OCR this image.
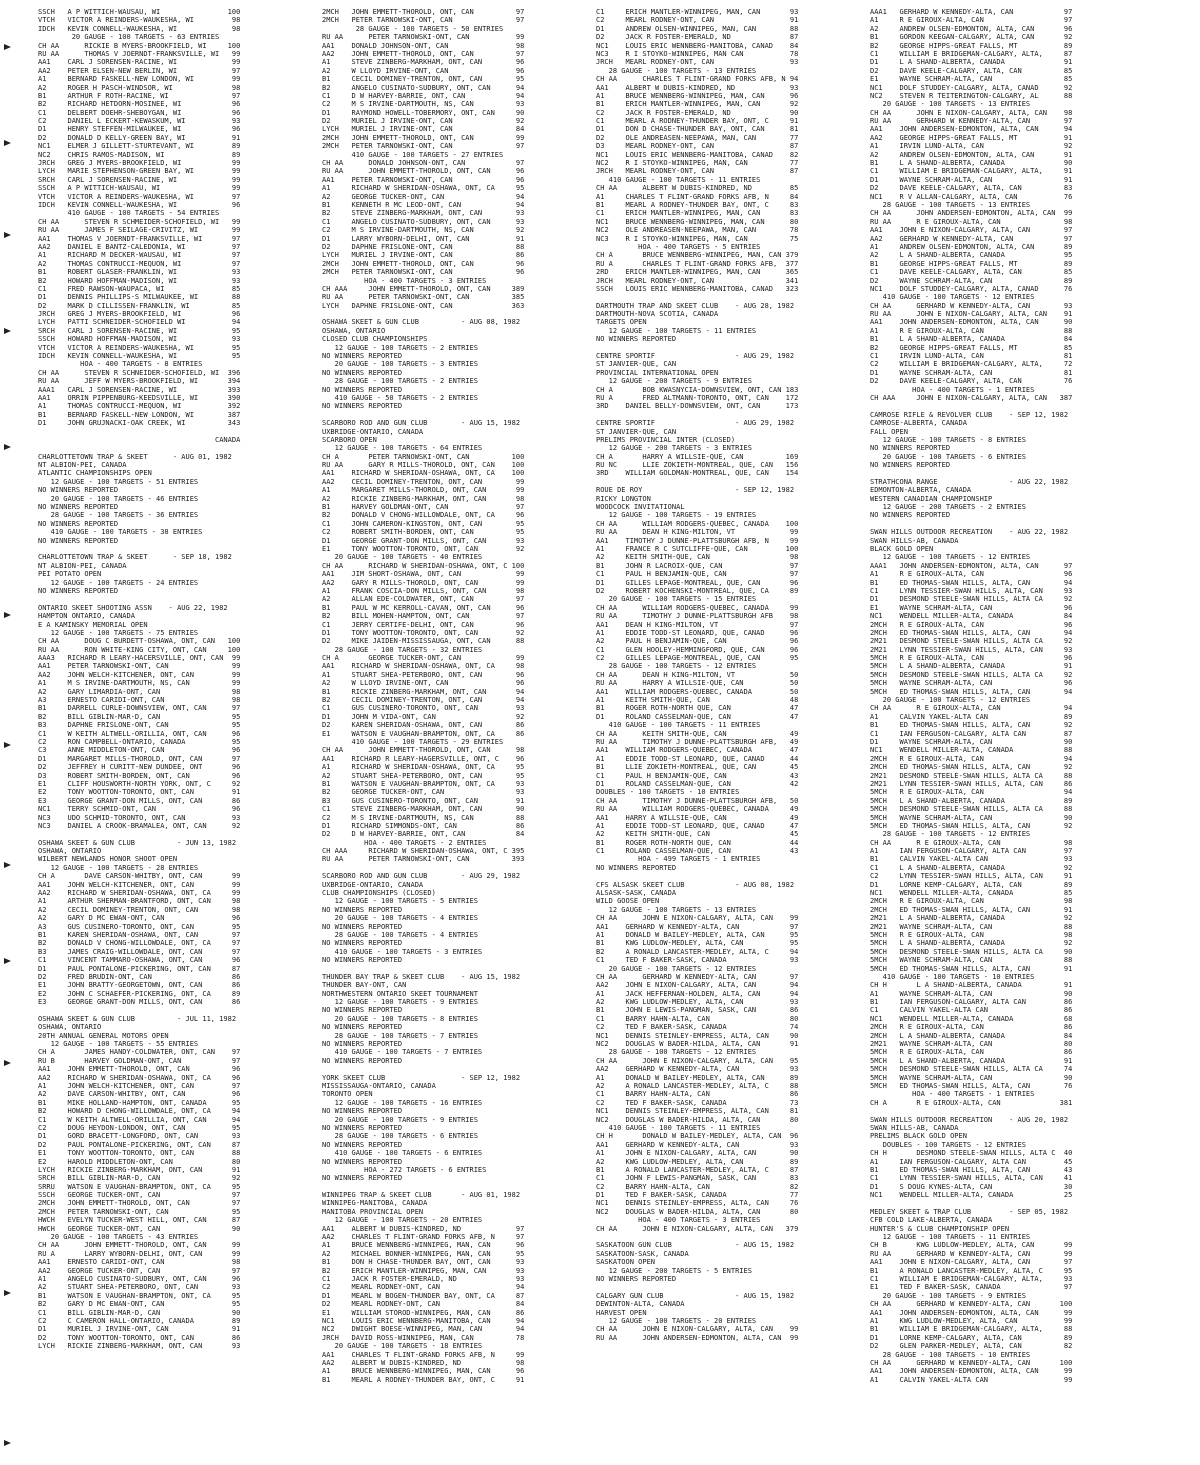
SSCH   A P WITTICH-WAUSAU, WI                100
VTCH   VICTOR A REINDERS-WAUKESHA, WI         98
IDCH   KEVIN CONNELL-WAUKESHA, WI             98
20 GAUGE - 100 TARGETS - 63 ENTRIES
CH AA      RICKIE B MYERS-BROOKFIELD, WI     100
RU AA      THOMAS V JOERNDT-FRANKSVILLE, WI   99
AA1    CARL J SORENSEN-RACINE, WI             99
AA2    PETER ELSEN-NEW BERLIN, WI             97
A1     BERNARD FASKELL-NEW LONDON, WI         99
A2     ROGER H PASCH-WINDSOR, WI              98
B1     ARTHUR F ROTH-RACINE, WI               97
B2     RICHARD HETDORN-MOSINEE, WI            96
C1     DELBERT DOEHR-SHEBOYGAN, WI            96
C2     DANIEL L ECKERT-KEWASKUM, WI           93
D1     HENRY STEFFEN-MILWAUKEE, WI            96
D2     DONALD D KELLY-GREEN BAY, WI           91
NC1    ELMER J GILLETT-STURTEVANT, WI         89
NC2    CHRIS RAMOS-MADISON, WI                89
JRCH   GREG J MYERS-BROOKFIELD, WI            99
LYCH   MARIE STEPHENSON-GREEN BAY, WI         99
SRCH   CARL J SORENSEN-RACINE, WI             99
SSCH   A P WITTICH-WAUSAU, WI                 99
VTCH   VICTOR A REINDERS-WAUKESHA, WI         97
IDCH   KEVIN CONNELL-WAUKESHA, WI             96
410 GAUGE - 100 TARGETS - 54 ENTRIES
CH AA      STEVEN R SCHMEIDER-SCHOFIELD, WI   99
RU AA      JAMES F SEILAGE-CRIVITZ, WI        99
AA1    THOMAS V JOERNDT-FRANKSVILLE, WI       97
AA2    DANIEL E BANTZ-CALEDONIA, WI           97
A1     RICHARD M DECKER-WAUSAU, WI            97
A2     THOMAS CONTRUCCI-MEQUON, WI            97
B1     ROBERT GLASER-FRANKLIN, WI             93
B2     HOWARD HOFFMAN-MADISON, WI             93
C1     FRED RAWSON-WAUPACA, WI                85
D1     DENNIS PHILLIPS-S MILWAUKEE, WI        88
D2     MARK D CILLISSEN-FRANKLIN, WI          85
JRCH   GREG J MYERS-BROOKFIELD, WI            96
LYCH   PATTI SCHNEIDER-SCHOFIELD WI           94
SRCH   CARL J SORENSEN-RACINE, WI             95
SSCH   HOWARD HOFFMAN-MADISON, WI             93
VTCH   VICTOR A REINDERS-WAUKESHA, WI         95
IDCH   KEVIN CONNELL-WAUKESHA, WI             95
HOA - 400 TARGETS - 8 ENTRIES
CH AA      STEVEN R SCHNEIDER-SCHOFIELD, WI  396
RU AA      JEFF W MYERS-BROOKFIELD, WI       394
AAA1   CARL J SORENSEN-RACINE, WI            393
AA1    ORRIN PIPPENBURG-KEEDSVILLE, WI       390
A1     THOMAS CONTRUCCI-MEQUON, WI           392
B1     BERNARD FASKELL-NEW LONDON, WI        387
D1     JOHN GRUJNACKI-OAK CREEK, WI          343
CANADA
CHARLOTTETOWN TRAP & SKEET      - AUG 01, 1982
NT ALBION-PEI, CANADA
ATLANTIC CHAMPIONSHIPS OPEN
12 GAUGE - 100 TARGETS - 51 ENTRIES
NO WINNERS REPORTED
20 GAUGE - 100 TARGETS - 46 ENTRIES
NO WINNERS REPORTED
28 GAUGE - 100 TARGETS - 36 ENTRIES
NO WINNERS REPORTED
410 GAUGE - 100 TARGETS - 38 ENTRIES
NO WINNERS REPORTED
CHARLOTTETOWN TRAP & SKEET      - SEP 18, 1982
NT ALBION-PEI, CANADA
PEI POTATO OPEN
12 GAUGE - 100 TARGETS - 24 ENTRIES
NO WINNERS REPORTED
ONTARIO SKEET SHOOTING ASSN    - AUG 22, 1982
HAMPTON ONTARIO, CANADA
E A KAMINSKY MEMORIAL OPEN
12 GAUGE - 100 TARGETS - 75 ENTRIES
CH AA      DOUG C BURDETT-OSHAWA, ONT, CAN   100
RU AA      RON WHITE-KING CITY, ONT, CAN     100
AAA3   RICHARD R LEARY-HACERSVILLE, ONT, CAN  99
AA1    PETER TARNOWSKI-ONT, CAN               99
AA2    JOHN WELCH-KITCHENER, ONT, CAN         99
A1     M S IRVINE-DARTMOUTH, NS, CAN          99
A2     GARY LIMARDIA-ONT, CAN                 98
A3     ERNESTO CARIDI-ONT, CAN                98
B1     DARRELL CURLE-DOWNSVIEW, ONT, CAN      97
B2     BILL GIBLIN-MAR-D, CAN                 95
B3     DAPHNE FRISLONE-ONT, CAN               95
C1     W KEITH ALTWELL-ORILLIA, ONT, CAN      96
C2     RON CAMPBELL-ONTARIO, CANADA           95
C3     ANNE MIDDLETON-ONT, CAN                96
D1     MARGARET MILLS-THOROLD, ONT, CAN       97
D2     JEFFREY H CURITT-NEW DUNDEE, ONT       96
D3     ROBERT SMITH-BORDEN, ONT, CAN          96
E1     CLIFF HOUSWORTH-NORTH YORK, ONT, C     92
E2     TONY WOOTTON-TORONTO, ONT, CAN         91
E3     GEORGE GRANT-DON MILLS, ONT, CAN       86
NC1    TERRY SCHMID-ONT, CAN                  96
NC3    UDO SCHMID-TORONTO, ONT, CAN           93
NC3    DANIEL A CROOK-BRAMALEA, ONT, CAN      92
OSHAWA SKEET & GUN CLUB          - JUN 13, 1982
OSHAWA, ONTARIO
WILBERT NEWLANDS HONOR SHOOT OPEN
12 GAUGE - 100 TARGETS - 28 ENTRIES
CH A       DAVE CARSON-WHITBY, ONT, CAN       99
AA1    JOHN WELCH-KITCHENER, ONT, CAN         99
AA2    RICHARD W SHERIDAN-OSHAWA, ONT, CA     99
A1     ARTHUR SHERMAN-BRANTFORD, ONT, CAN     98
A2     CECIL DOMINEY-TRENTON, ONT, CAN        98
A2     GARY D MC EWAN-ONT, CAN                96
A3     GUS CUSINERO-TORONTO, ONT, CAN         95
B1     KAREN SHERIDAN-OSHAWA, ONT, CAN        97
B2     DONALD V CHONG-WILLOWDALE, ONT, CA     97
B3     JAMES CRAIG-WILLOWDALE, ONT, CAN       97
C1     VINCENT TAMMARO-OSHAWA, ONT, CAN       96
D1     PAUL PONTALONE-PICKERING, ONT, CAN     87
D2     FRED BRUDIN-ONT, CAN                   86
E1     JOHN BRATTY-GEORGETOWN, ONT, CAN       86
E2     JOHN C SCHAEFER-PICKERING, ONT, CA     89
E3     GEORGE GRANT-DON MILLS, ONT, CAN       86
OSHAWA SKEET & GUN CLUB          - JUL 11, 1982
OSHAWA, ONTARIO
20TH ANNUAL GENERAL MOTORS OPEN
12 GAUGE - 100 TARGETS - 55 ENTRIES
CH A       JAMES HANDY-COLDWATER, ONT, CAN    97
RU B       HARVEY GOLDMAN-ONT, CAN            97
AA1    JOHN EMMETT-THOROLD, ONT, CAN          96
AA2    RICHARD W SHERIDAN-OSHAWA, ONT, CA     96
A1     JOHN WELCH-KITCHENER, ONT, CAN         97
A2     DAVE CARSON-WHITBY, ONT, CAN           96
B1     MIKE HOLLAND-HAMPTON, ONT, CANADA      95
B2     HOWARD D CHONG-WILLOWDALE, ONT, CA     94
C1     W KEITH ALTWELL-ORILLIA, ONT, CAN      94
C2     DOUG HEYDON-LONDON, ONT, CAN           95
D1     GORD BRACETT-LONGFORD, ONT, CAN        93
D2     PAUL PONTALONE-PICKERING, ONT, CAN     87
E1     TONY WOOTTON-TORONTO, ONT, CAN         88
E2     HAROLD MIDDLETON-ONT, CAN              80
LYCH   RICKIE ZINBERG-MARKHAM, ONT, CAN       91
SRCH   BILL GIBLIN-MAR-D, CAN                 92
SRRU   WATSON E VAUGHAN-BRAMPTON, ONT, CA     95
SSCH   GEORGE TUCKER-ONT, CAN                 97
2MCH   JOHN EMMETT-THOROLD, ONT, CAN          97
2MCH   PETER TARNOWSKI-ONT, CAN               95
HWCH   EVELYN TUCKER-WEST HILL, ONT, CAN      87
HWCH   GEORGE TUCKER-ONT, CAN                 90
20 GAUGE - 100 TARGETS - 43 ENTRIES
CH AA      JOHN EMMETT-THOROLD, ONT, CAN      99
RU A       LARRY WYBORN-DELHI, ONT, CAN       99
AA1    ERNESTO CARIDI-ONT, CAN                98
AA2    GEORGE TUCKER-ONT, CAN                 97
A1     ANGELO CUSINATO-SUDBURY, ONT, CAN      96
A2     STUART SHEA-PETERBORO, ONT, CAN        93
B1     WATSON E VAUGHAN-BRAMPTON, ONT, CA     95
B2     GARY D MC EWAN-ONT, CAN                95
C1     BILL GIBLIN-MAR-D, CAN                 90
C2     C CAMERON HALL-ONTARIO, CANADA         89
D1     MURIEL J IRVINE-ONT, CAN               91
D2     TONY WOOTTON-TORONTO, ONT, CAN         86
LYCH   RICKIE ZINBERG-MARKHAM, ONT, CAN       93
2MCH   JOHN EMMETT-THOROLD, ONT, CAN          97
2MCH   PETER TARNOWSKI-ONT, CAN               97
28 GAUGE - 100 TARGETS - 50 ENTRIES
RU AA      PETER TARNOWSKI-ONT, CAN           99
AA1    DONALD JOHNSON-ONT, CAN                98
AA2    JOHN EMMETT-THOROLD, ONT, CAN          97
A1     STEVE ZINBERG-MARKHAM, ONT, CAN        96
A2     W LLOYD IRVINE-ONT, CAN                96
B1     CECIL DOMINEY-TRENTON, ONT, CAN        95
B2     ANGELO CUSINATO-SUDBURY, ONT, CAN      94
C1     D W HARVEY-BARRIE, ONT, CAN            94
C2     M S IRVINE-DARTMOUTH, NS, CAN          93
D1     RAYMOND HOWELL-TOBERMORY, ONT, CAN     90
D2     MURIEL J IRVINE-ONT, CAN               92
LYCH   MURIEL J IRVINE-ONT, CAN               84
2MCH   JOHN EMMETT-THOROLD, ONT, CAN          99
2MCH   PETER TARNOWSKI-ONT, CAN               97
410 GAUGE - 100 TARGETS - 27 ENTRIES
CH AA      DONALD JOHNSON-ONT, CAN            97
RU AA      JOHN EMMETT-THOROLD, ONT, CAN      96
AA1    PETER TARNOWSKI-ONT, CAN               96
A1     RICHARD W SHERIDAN-OSHAWA, ONT, CA     95
A2     GEORGE TUCKER-ONT, CAN                 94
B1     KENNETH R MC LEOD-ONT, CAN             94
B2     STEVE ZINBERG-MARKHAM, ONT, CAN        93
C1     ANGELO CUSINATO-SUDBURY, ONT, CAN      93
C2     M S IRVINE-DARTMOUTH, NS, CAN          92
D1     LARRY WYBORN-DELHI, ONT, CAN           91
D2     DAPHNE FRISLONE-ONT, CAN               88
LYCH   MURIEL J IRVINE-ONT, CAN               86
2MCH   JOHN EMMETT-THOROLD, ONT, CAN          96
2MCH   PETER TARNOWSKI-ONT, CAN               96
HOA - 400 TARGETS - 3 ENTRIES
CH AAA     JOHN EMMETT-THOROLD, ONT, CAN     389
RU AA      PETER TARNOWSKI-ONT, CAN          385
LYCH   DAPHNE FRISLONE-ONT, CAN              363
OSHAWA SKEET & GUN CLUB          - AUG 08, 1982
OSHAWA, ONTARIO
CLOSED CLUB CHAMPIONSHIPS
12 GAUGE - 100 TARGETS - 2 ENTRIES
NO WINNERS REPORTED
20 GAUGE - 100 TARGETS - 3 ENTRIES
NO WINNERS REPORTED
28 GAUGE - 100 TARGETS - 2 ENTRIES
NO WINNERS REPORTED
410 GAUGE - 50 TARGETS - 2 ENTRIES
NO WINNERS REPORTED
SCARBORO ROD AND GUN CLUB        - AUG 15, 1982
UXBRIDGE-ONTARIO, CANADA
SCARBORO OPEN
12 GAUGE - 100 TARGETS - 64 ENTRIES
CH A       PETER TARNOWSKI-ONT, CAN          100
RU AA      GARY R MILLS-THOROLD, ONT, CAN    100
AA1    RICHARD W SHERIDAN-OSHAWA, ONT, CA    100
AA2    CECIL DOMINEY-TRENTON, ONT, CAN        99
A1     MARGARET MILLS-THOROLD, ONT, CAN       99
A2     RICKIE ZINBERG-MARKHAM, ONT, CAN       98
B1     HARVEY GOLDMAN-ONT, CAN                97
B2     DONALD V CHONG-WILLOWDALE, ONT, CA     96
C1     JOHN CAMERON-KINGSTON, ONT, CAN        95
C2     ROBERT SMITH-BORDEN, ONT, CAN          95
D1     GEORGE GRANT-DON MILLS, ONT, CAN       93
E1     TONY WOOTTON-TORONTO, ONT, CAN         92
20 GAUGE - 100 TARGETS - 40 ENTRIES
CH AA      RICHARD W SHERIDAN-OSHAWA, ONT, C 100
AA1    JIM SHORT-OSHAWA, ONT, CAN             99
AA2    GARY R MILLS-THOROLD, ONT, CAN         99
A1     FRANK COSCIA-DON MILLS, ONT, CAN       98
A2     ALLAN EDE-COLDWATER, ONT, CAN          97
B1     PAUL W MC KERROLL-CAVAN, ONT, CAN      96
B2     BILL MOHEN-HAMPTON, ONT, CAN           97
C1     JERRY CERTIFE-DELHI, ONT, CAN          96
D1     TONY WOOTTON-TORONTO, ONT, CAN         92
D2     MIKE JAIDEN-MISSISSAUGA, ONT, CAN      88
28 GAUGE - 100 TARGETS - 32 ENTRIES
CH A       GEORGE TUCKER-ONT, CAN             99
AA1    RICHARD W SHERIDAN-OSHAWA, ONT, CA     98
A1     STUART SHEA-PETERBORO, ONT, CAN        96
A2     W LLOYD IRVINE-ONT, CAN                96
B1     RICKIE ZINBERG-MARKHAM, ONT, CAN       94
B2     CECIL DOMINEY-TRENTON, ONT, CAN        94
C1     GUS CUSINERO-TORONTO, ONT, CAN         93
D1     JOHN M VIDA-ONT, CAN                   92
D2     KAREN SHERIDAN-OSHAWA, ONT, CAN        86
E1     WATSON E VAUGHAN-BRAMPTON, ONT, CA     86
410 GAUGE - 100 TARGETS - 29 ENTRIES
CH AA      JOHN EMMETT-THOROLD, ONT, CAN      98
AA1    RICHARD R LEARY-HAGERSVILLE, ONT, C    96
A1     RICHARD W SHERIDAN-OSHAWA, ONT, CA     95
A2     STUART SHEA-PETERBORO, ONT, CAN        95
B1     WATSON E VAUGHAN-BRAMPTON, ONT, CA     93
B2     GEORGE TUCKER-ONT, CAN                 93
B3     GUS CUSINERO-TORONTO, ONT, CAN         91
C1     STEVE ZINBERG-MARKHAM, ONT, CAN        90
C2     M S IRVINE-DARTMOUTH, NS, CAN          88
D1     RICHARD SIMMONDS-ONT, CAN              86
D2     D W HARVEY-BARRIE, ONT, CAN            84
HOA - 400 TARGETS - 2 ENTRIES
CH AAA     RICHARD W SHERIDAN-OSHAWA, ONT, C 395
RU AA      PETER TARNOWSKI-ONT, CAN          393
SCARBORO ROD AND GUN CLUB        - AUG 29, 1982
UXBRIDGE-ONTARIO, CANADA
CLUB CHAMPIONSHIPS (CLOSED)
12 GAUGE - 100 TARGETS - 5 ENTRIES
NO WINNERS REPORTED
20 GAUGE - 100 TARGETS - 4 ENTRIES
NO WINNERS REPORTED
28 GAUGE - 100 TARGETS - 4 ENTRIES
NO WINNERS REPORTED
410 GAUGE - 100 TARGETS - 3 ENTRIES
NO WINNERS REPORTED
THUNDER BAY TRAP & SKEET CLUB    - AUG 15, 1982
THUNDER BAY-ONT, CAN
NORTHWESTERN ONTARIO SKEET TOURNAMENT
12 GAUGE - 100 TARGETS - 9 ENTRIES
NO WINNERS REPORTED
20 GAUGE - 100 TARGETS - 8 ENTRIES
NO WINNERS REPORTED
28 GAUGE - 100 TARGETS - 7 ENTRIES
NO WINNERS REPORTED
410 GAUGE - 100 TARGETS - 7 ENTRIES
NO WINNERS REPORTED
YORK SKEET CLUB                  - SEP 12, 1982
MISSISSAUGA-ONTARIO, CANADA
TORONTO OPEN
12 GAUGE - 100 TARGETS - 16 ENTRIES
NO WINNERS REPORTED
20 GAUGE - 100 TARGETS - 9 ENTRIES
NO WINNERS REPORTED
28 GAUGE - 100 TARGETS - 6 ENTRIES
NO WINNERS REPORTED
410 GAUGE - 100 TARGETS - 6 ENTRIES
NO WINNERS REPORTED
HOA - 272 TARGETS - 6 ENTRIES
NO WINNERS REPORTED
WINNIPEG TRAP & SKEET CLUB       - AUG 01, 1982
WINNIPEG-MANITOBA, CANADA
MANITOBA PROVINCIAL OPEN
12 GAUGE - 100 TARGETS - 20 ENTRIES
AA1    ALBERT W DUBIS-KINDRED, ND             97
AA2    CHARLES T FLINT-GRAND FORKS AFB, N     97
A1     BRUCE WENNBERG-WINNIPEG, MAN, CAN      96
A2     MICHAEL BONNER-WINNIPEG, MAN, CAN      95
B1     DON H CHASE-THUNDER BAY, ONT, CAN      93
B2     ERICH MANTLER-WINNIPEG, MAN, CAN       93
C1     JACK R FOSTER-EMERALD, ND              93
C2     MEARL RODNEY-ONT, CAN                  94
D1     MEARL W BOGEN-THUNDER BAY, ONT, CA     87
D2     MEARL RODNEY-ONT, CAN                  84
E1     WILLIAM STOROD-WINNIPEG, MAN, CAN      86
NC1    LOUIS ERIC WENNBERG-MANITOBA, CAN      94
NC2    DWIGHT BOESE-WINNIPEG, MAN, CAN        94
JRCH   DAVID ROSS-WINNIPEG, MAN, CAN          78
20 GAUGE - 100 TARGETS - 18 ENTRIES
AA1    CHARLES T FLINT-GRAND FORKS AFB, N     99
AA2    ALBERT W DUBIS-KINDRED, ND             98
A1     BRUCE WENNBERG-WINNIPEG, MAN, CAN      96
B1     MEARL A RODNEY-THUNDER BAY, ONT, C     91
C1     ERICH MANTLER-WINNIPEG, MAN, CAN       93
C2     MEARL RODNEY-ONT, CAN                  91
D1     ANDREW OLSEN-WINNIPEG, MAN, CAN        88
D2     JACK R FOSTER-EMERALD, ND              87
NC1    LOUIS ERIC WENNBERG-MANITOBA, CANAD    84
NC3    R I STOYKO-WINNIPEG, MAN CAN           78
JRCH   MEARL RODNEY-ONT, CAN                  93
28 GAUGE - 100 TARGETS - 13 ENTRIES
CH AA      CHARLES T FLINT-GRAND FORKS AFB, N 94
AA1    ALBERT W DUBIS-KINDRED, ND             93
A1     BRUCE WENNBERG-WINNIPEG, MAN, CAN      96
B1     ERICH MANTLER-WINNIPEG, MAN, CAN       92
C2     JACK R FOSTER-EMERALD, ND              90
C1     MEARL A RODNEY-THUNDER BAY, ONT, C     91
D1     DON D CHASE-THUNDER BAY, ONT, CAN      81
D2     OLE ANDREASEN-NEEPAWA, MAN, CAN        77
D3     MEARL RODNEY-ONT, CAN                  87
NC1    LOUIS ERIC WENNBERG-MANITOBA, CANAD    82
NC2    R I STOYKO-WINNIPEG, MAN, CAN          77
JRCH   MEARL RODNEY-ONT, CAN                  87
410 GAUGE - 100 TARGETS - 11 ENTRIES
CH AA      ALBERT W DUBIS-KINDRED, ND         85
A1     CHARLES T FLINT-GRAND FORKS AFB, N     84
B1     MEARL A RODNEY-THUNDER BAY, ONT, C     83
C1     ERICH MANTLER-WINNIPEG, MAN, CAN       83
NC1    BRUCE WENNBERG-WINNIPEG, MAN, CAN      80
NC2    OLE ANDREASEN-NEEPAWA, MAN, CAN        78
NC3    R I STOYKO-WINNIPEG, MAN, CAN          75
HOA - 400 TARGETS - 5 ENTRIES
CH A       BRUCE WENNBERG-WINNIPEG, MAN, CAN 379
RU A       CHARLES T FLINT-GRAND FORKS AFB,  377
2RD    ERICH MANTLER-WINNIPEG, MAN, CAN      365
JRCH   MEARL RODNEY-ONT, CAN                 341
SSCH   LOUIS ERIC WENNBERG-MANITOBA, CANAD   323
DARTMOUTH TRAP AND SKEET CLUB    - AUG 28, 1982
DARTMOUTH-NOVA SCOTIA, CANADA
TARGETS OPEN
12 GAUGE - 100 TARGETS - 11 ENTRIES
NO WINNERS REPORTED
CENTRE SPORTIF                   - AUG 29, 1982
ST JANVIER-QUE, CAN
PROVINCIAL INTERNATIONAL OPEN
12 GAUGE - 200 TARGETS - 9 ENTRIES
CH A       BOB KWASNYCIA-DOWNSVIEW, ONT, CAN 183
RU A       FRED ALTMANN-TORONTO, ONT, CAN    172
3RD    DANIEL BELLY-DOWNSVIEW, ONT, CAN      173
CENTRE SPORTIF                   - AUG 29, 1982
ST JANVIER-QUE, CAN
PRELIMS PROVINCIAL INTER (CLOSED)
12 GAUGE - 200 TARGETS - 3 ENTRIES
CH A       HARRY A WILLSIE-QUE, CAN          169
RU NC      LLIE ZOKIETH-MONTREAL, QUE, CAN   156
3RD    WILLIAM GOLDMAN-MONTREAL, QUE, CAN    154
ROUE DE ROY                      - SEP 12, 1982
RICKY LONGTON
WOODCOCK INVITATIONAL
12 GAUGE - 100 TARGETS - 19 ENTRIES
CH AA      WILLIAM RODGERS-QUEBEC, CANADA    100
RU AA      DEAN H KING-MILTON, VT             99
AA1    TIMOTHY J DUNNE-PLATTSBURGH AFB, N     99
A1     FRANCE R C SUTCLIFFE-QUE, CAN         100
A2     KEITH SMITH-QUE, CAN                   98
B1     JOHN R LACROIX-QUE, CAN                97
C1     PAUL H BENJAMIN-QUE, CAN               97
D1     GILLES LEPAGE-MONTREAL, QUE, CAN       96
D2     ROBERT KOCHENSKI-MONTREAL, QUE, CA     89
20 GAUGE - 100 TARGETS - 15 ENTRIES
CH AA      WILLIAM RODGERS-QUEBEC, CANADA     99
RU AA      TIMOTHY J DUNNE-PLATTSBURGH AFB    98
AA1    DEAN H KING-MILTON, VT                 97
A1     EDDIE TODD-ST LEONARD, QUE, CANAD      96
A2     PAUL H BENJAMIN-QUE, CAN               96
C1     GLEN HOOLEY-HEMMINGFORD, QUE, CAN      96
C2     GILLES LEPAGE-MONTREAL, QUE, CAN       95
28 GAUGE - 100 TARGETS - 12 ENTRIES
CH AA      DEAN H KING-MILTON, VT             50
RU AA      HARRY A WILLSIE-QUE, CAN           50
AA1    WILLIAM RODGERS-QUEBEC, CANADA         50
A1     KEITH SMITH-QUE, CAN                   48
B1     ROGER ROTH-NORTH QUE, CAN              47
D1     ROLAND CASSELMAN-QUE, CAN              47
410 GAUGE - 100 TARGETS - 11 ENTRIES
CH AA      KEITH SMITH-QUE, CAN               49
RU AA      TIMOTHY J DUNNE-PLATTSBURGH AFB,   49
AA1    WILLIAM RODGERS-QUEBEC, CANADA         47
A1     EDDIE TODD-ST LEONARD, QUE, CANAD      44
B1     LLIE ZOKIETH-MONTREAL, QUE, CAN        45
C1     PAUL H BENJAMIN-QUE, CAN               43
D1     ROLAND CASSELMAN-QUE, CAN              42
DOUBLES - 100 TARGETS - 10 ENTRIES
CH AA      TIMOTHY J DUNNE-PLATTSBURGH AFB,   50
RU AA      WILLIAM RODGERS-QUEBEC, CANADA     49
AA1    HARRY A WILLSIE-QUE, CAN               49
A1     EDDIE TODD-ST LEONARD, QUE, CANAD      47
A2     KEITH SMITH-QUE, CAN                   45
B1     ROGER ROTH-NORTH QUE, CAN              44
C1     ROLAND CASSELMAN-QUE, CAN              43
HOA - 499 TARGETS - 1 ENTRIES
NO WINNERS REPORTED
CFS ALSASK SKEET CLUB            - AUG 08, 1982
ALSASK-SASK, CANADA
WILD GOOSE OPEN
12 GAUGE - 100 TARGETS - 13 ENTRIES
CH AA      JOHN E NIXON-CALGARY, ALTA, CAN    99
AA1    GERHARD W KENNEDY-ALTA, CAN            97
A1     DONALD W BAILEY-MEDLEY, ALTA, CAN      95
B1     KWG LUDLOW-MEDLEY, ALTA, CAN           95
B2     A RONALD LANCASTER-MEDLEY, ALTA, C     94
C1     TED F BAKER-SASK, CANADA               93
20 GAUGE - 100 TARGETS - 12 ENTRIES
CH AA      GERHARD W KENNEDY-ALTA, CAN        97
AA2    JOHN E NIXON-CALGARY, ALTA, CAN        94
A1     JACK HEFFERNAN-HOLDEN, ALTA, CAN       94
A2     KWG LUDLOW-MEDLEY, ALTA, CAN           93
B1     JOHN E LEWIS-PANGMAN, SASK, CAN        86
C1     BARRY HAHN-ALTA, CAN                   80
C2     TED F BAKER-SASK, CANADA               74
NC1    DENNIS STEINLEY-EMPRESS, ALTA, CAN     90
NC2    DOUGLAS W BADER-HILDA, ALTA, CAN       91
28 GAUGE - 100 TARGETS - 12 ENTRIES
CH AA      JOHN E NIXON-CALGARY, ALTA, CAN    95
AA2    GERHARD W KENNEDY-ALTA, CAN            93
A1     DONALD W BAILEY-MEDLEY, ALTA, CAN      89
A2     A RONALD LANCASTER-MEDLEY, ALTA, C     88
C1     BARRY HAHN-ALTA, CAN                   86
C2     TED F BAKER-SASK, CANADA               73
NC1    DENNIS STEINLEY-EMPRESS, ALTA, CAN     81
NC2    DOUGLAS W BADER-HILDA, ALTA, CAN       80
410 GAUGE - 100 TARGETS - 11 ENTRIES
CH H       DONALD W BAILEY-MEDLEY, ALTA, CAN  96
AA1    GERHARD W KENNEDY-ALTA, CAN            93
A1     JOHN E NIXON-CALGARY, ALTA, CAN        90
A2     KWG LUDLOW-MEDLEY, ALTA, CAN           89
B1     A RONALD LANCASTER-MEDLEY, ALTA, C     87
C1     JOHN F LEWIS-PANGMAN, SASK, CAN        83
C2     BARRY HAHN-ALTA, CAN                   82
D1     TED F BAKER-SASK, CANADA               77
NC1    DENNIS STEINLEY-EMPRESS, ALTA, CAN     76
NC2    DOUGLAS W BADER-HILDA, ALTA, CAN       80
HOA - 400 TARGETS - 3 ENTRIES
CH AA      JOHN E NIXON-CALGARY, ALTA, CAN   379
SASKATOON GUN CLUB               - AUG 15, 1982
SASKATOON-SASK, CANADA
SASKATOON OPEN
12 GAUGE - 200 TARGETS - 5 ENTRIES
NO WINNERS REPORTED
CALGARY GUN CLUB                 - AUG 15, 1982
DEWINTON-ALTA, CANADA
HARVEST OPEN
12 GAUGE - 100 TARGETS - 20 ENTRIES
CH AA      JOHN E NIXON-CALGARY, ALTA, CAN    99
RU AA      JOHN ANDERSEN-EDMONTON, ALTA, CAN  99
AAA1   GERHARD W KENNEDY-ALTA, CAN            97
A1     R E GIROUX-ALTA, CAN                   97
A2     ANDREW OLSEN-EDMONTON, ALTA, CAN       96
B1     GORDON KEEGAN-CALGARY, ALTA, CAN       92
B2     GEORGE HIPPS-GREAT FALLS, MT           89
C1     WILLIAM E BRIDGEMAN-CALGARY, ALTA,     87
D1     L A SHAND-ALBERTA, CANADA              91
D2     DAVE KEELE-CALGARY, ALTA, CAN          85
E1     WAYNE SCHRAM-ALTA, CAN                 85
NC1    DOLF STUDDEY-CALGARY, ALTA, CANAD      92
NC2    STEVEN R TEITERINGTON-CALGARY, AL      88
20 GAUGE - 100 TARGETS - 13 ENTRIES
CH AA      JOHN E NIXON-CALGARY, ALTA, CAN    98
RU AA      GERHARD W KENNEDY-ALTA, CAN        97
AA1    JOHN ANDERSEN-EDMONTON, ALTA, CAN      94
AA2    GEORGE HIPPS-GREAT FALLS, MT           91
A1     IRVIN LUND-ALTA, CAN                   92
A2     ANDREW OLSEN-EDMONTON, ALTA, CAN       91
B1     L A SHAND-ALBERTA, CANADA              90
C1     WILLIAM E BRIDGEMAN-CALGARY, ALTA,     91
D1     WAYNE SCHRAM-ALTA, CAN                 91
D2     DAVE KEELE-CALGARY, ALTA, CAN          83
NC1    R V ALLAN-CALGARY, ALTA, CAN           76
28 GAUGE - 100 TARGETS - 13 ENTRIES
CH AA      JOHN ANDERSEN-EDMONTON, ALTA, CAN  99
RU AA      R E GIROUX-ALTA, CAN               98
AA1    JOHN E NIXON-CALGARY, ALTA, CAN        97
AA2    GERHARD W KENNEDY-ALTA, CAN            97
A1     ANDREW OLSEN-EDMONTON, ALTA, CAN       89
A2     L A SHAND-ALBERTA, CANADA              95
B1     GEORGE HIPPS-GREAT FALLS, MT           89
C1     DAVE KEELE-CALGARY, ALTA, CAN          85
D2     WAYNE SCHRAM-ALTA, CAN                 89
NC1    DOLF STUDDEY-CALGARY, ALTA, CANAD      76
410 GAUGE - 100 TARGETS - 12 ENTRIES
CH AA      GERHARD W KENNEDY-ALTA, CAN        93
RU AA      JOHN E NIXON-CALGARY, ALTA, CAN    91
AA1    JOHN ANDERSEN-EDMONTON, ALTA, CAN      90
A1     R E GIROUX-ALTA, CAN                   88
B1     L A SHAND-ALBERTA, CANADA              84
B2     GEORGE HIPPS-GREAT FALLS, MT           85
C1     IRVIN LUND-ALTA, CAN                   81
C2     WILLIAM E BRIDGEMAN-CALGARY, ALTA,     72
D1     WAYNE SCHRAM-ALTA, CAN                 81
D2     DAVE KEELE-CALGARY, ALTA, CAN          76
HOA - 400 TARGETS - 1 ENTRIES
CH AAA     JOHN E NIXON-CALGARY, ALTA, CAN   387
CAMROSE RIFLE & REVOLVER CLUB    - SEP 12, 1982
CAMROSE-ALBERTA, CANADA
FALL OPEN
12 GAUGE - 100 TARGETS - 8 ENTRIES
NO WINNERS REPORTED
20 GAUGE - 100 TARGETS - 6 ENTRIES
NO WINNERS REPORTED
STRATHCONA RANGE                 - AUG 22, 1982
EDMONTON-ALBERTA, CANADA
WESTERN CANADIAN CHAMPIONSHIP
12 GAUGE - 200 TARGETS - 2 ENTRIES
NO WINNERS REPORTED
SWAN HILLS OUTDOOR RECREATION    - AUG 22, 1982
SWAN HILLS-AB, CANADA
BLACK GOLD OPEN
12 GAUGE - 100 TARGETS - 12 ENTRIES
AAA1   JOHN ANDERSEN-EDMONTON, ALTA, CAN      97
A1     R E GIROUX-ALTA, CAN                   96
B1     ED THOMAS-SWAN HILLS, ALTA, CAN        94
C1     LYNN TESSIER-SWAN HILLS, ALTA, CAN     93
D1     DESMOND STEELE-SWAN HILLS, ALTA CA     92
E1     WAYNE SCHRAM-ALTA, CAN                 96
NC1    WENDELL MILLER-ALTA, CANADA            84
2MCH   R E GIROUX-ALTA, CAN                   96
2MCH   ED THOMAS-SWAN HILLS, ALTA, CAN        94
2M21   DESMOND STEELE-SWAN HILLS, ALTA CA     92
2M21   LYNN TESSIER-SWAN HILLS, ALTA, CAN     93
5MCH   R E GIROUX-ALTA, CAN                   96
5MCH   L A SHAND-ALBERTA, CANADA              91
5MCH   DESMOND STEELE-SWAN HILLS, ALTA CA     92
5MCH   WAYNE SCHRAM-ALTA, CAN                 96
5MCH   ED THOMAS-SWAN HILLS, ALTA, CAN        94
20 GAUGE - 100 TARGETS - 12 ENTRIES
CH AA      R E GIROUX-ALTA, CAN               94
A1     CALVIN YAKEL-ALTA CAN                  89
B1     ED THOMAS-SWAN HILLS, ALTA, CAN        92
C1     IAN FERGUSON-CALGARY, ALTA CAN         87
D1     WAYNE SCHRAM-ALTA, CAN                 90
NC1    WENDELL MILLER-ALTA, CANADA            88
2MCH   R E GIROUX-ALTA, CAN                   94
2MCH   ED THOMAS-SWAN HILLS, ALTA, CAN        92
2M21   DESMOND STEELE-SWAN HILLS, ALTA CA     88
2M21   LYNN TESSIER-SWAN HILLS, ALTA, CAN     86
5MCH   R E GIROUX-ALTA, CAN                   94
5MCH   L A SHAND-ALBERTA, CANADA              89
5MCH   DESMOND STEELE-SWAN HILLS, ALTA CA     88
5MCH   WAYNE SCHRAM-ALTA, CAN                 90
5MCH   ED THOMAS-SWAN HILLS, ALTA, CAN        92
28 GAUGE - 100 TARGETS - 12 ENTRIES
CH AA      R E GIROUX-ALTA, CAN               98
A1     IAN FERGUSON-CALGARY, ALTA CAN         97
B1     CALVIN YAKEL-ALTA CAN                  93
C1     L A SHAND-ALBERTA, CANADA              92
C2     LYNN TESSIER-SWAN HILLS, ALTA, CAN     91
D1     LORNE KEMP-CALGARY, ALTA, CAN          89
NC1    WENDELL MILLER-ALTA, CANADA            85
2MCH   R E GIROUX-ALTA, CAN                   98
2MCH   ED THOMAS-SWAN HILLS, ALTA, CAN        91
2M21   L A SHAND-ALBERTA, CANADA              92
2M21   WAYNE SCHRAM-ALTA, CAN                 88
5MCH   R E GIROUX-ALTA, CAN                   98
5MCH   L A SHAND-ALBERTA, CANADA              92
5MCH   DESMOND STEELE-SWAN HILLS, ALTA CA     90
5MCH   WAYNE SCHRAM-ALTA, CAN                 88
5MCH   ED THOMAS-SWAN HILLS, ALTA, CAN        91
410 GAUGE - 100 TARGETS - 10 ENTRIES
CH H       L A SHAND-ALBERTA, CANADA          91
A1     WAYNE SCHRAM-ALTA, CAN                 90
B1     IAN FERGUSON-CALGARY, ALTA CAN         86
C1     CALVIN YAKEL-ALTA CAN                  86
NC1    WENDELL MILLER-ALTA, CANADA            68
2MCH   R E GIROUX-ALTA, CAN                   86
2MCH   L A SHAND-ALBERTA, CANADA              84
2M21   WAYNE SCHRAM-ALTA, CAN                 80
5MCH   R E GIROUX-ALTA, CAN                   86
5MCH   L A SHAND-ALBERTA, CANADA              91
5MCH   DESMOND STEELE-SWAN HILLS, ALTA CA     74
5MCH   WAYNE SCHRAM-ALTA, CAN                 90
5MCH   ED THOMAS-SWAN HILLS, ALTA, CAN        76
HOA - 400 TARGETS - 1 ENTRIES
CH A       R E GIROUX-ALTA, CAN              381
SWAN HILLS OUTDOOR RECREATION    - AUG 20, 1982
SWAN HILLS-AB, CANADA
PRELIMS BLACK GOLD OPEN
DOUBLES - 100 TARGETS - 12 ENTRIES
CH H       DESMOND STEELE-SWAN HILLS, ALTA C  40
A1     IAN FERGUSON-CALGARY, ALTA CAN         45
B1     ED THOMAS-SWAN HILLS, ALTA, CAN        43
C1     LYNN TESSIER-SWAN HILLS, ALTA, CAN     41
D1     S DOUG KYNES-ALTA, CAN                 30
NC1    WENDELL MILLER-ALTA, CANADA            25
MEDLEY SKEET & TRAP CLUB         - SEP 05, 1982
CFB COLD LAKE-ALBERTA, CANADA
HUNTER'S & CLUB CHAMPIONSHIP OPEN
12 GAUGE - 100 TARGETS - 11 ENTRIES
CH B       KWG LUDLOW-MEDLEY, ALTA, CAN       99
RU AA      GERHARD W KENNEDY-ALTA, CAN        99
AA1    JOHN E NIXON-CALGARY, ALTA, CAN        97
B1     A RONALD LANCASTER-MEDLEY, ALTA, C     95
C1     WILLIAM E BRIDGEMAN-CALGARY, ALTA,     93
E1     TED F BAKER-SASK, CANADA               97
20 GAUGE - 100 TARGETS - 9 ENTRIES
CH AA      GERHARD W KENNEDY-ALTA, CAN       100
AA1    JOHN ANDERSEN-EDMONTON, ALTA, CAN      99
A1     KWG LUDLOW-MEDLEY, ALTA, CAN           99
B1     WILLIAM E BRIDGEMAN-CALGARY, ALTA,     88
D1     LORNE KEMP-CALGARY, ALTA, CAN          89
D2     GLEN PARKER-MEDLEY, ALTA, CAN          82
28 GAUGE - 100 TARGETS - 10 ENTRIES
CH AA      GERHARD W KENNEDY-ALTA, CAN       100
AA1    JOHN ANDERSEN-EDMONTON, ALTA, CAN      99
A1     CALVIN YAKEL-ALTA CAN                  99
